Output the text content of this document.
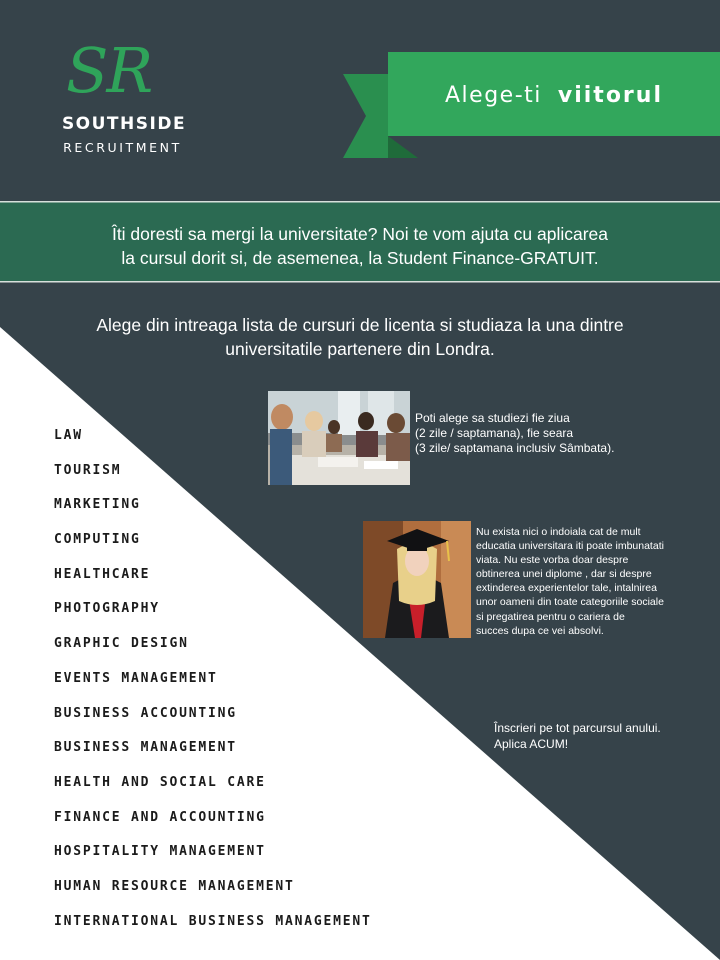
SR
SOUTHSIDE
RECRUITMENT
Alege-ti viitorul
Îti doresti sa mergi la universitate? Noi te vom ajuta cu aplicarea
la cursul dorit si, de asemenea, la Student Finance-GRATUIT.
Alege din intreaga lista de cursuri de licenta si studiaza la una dintre
universitatile partenere din Londra.
LAW
TOURISM
MARKETING
COMPUTING
HEALTHCARE
PHOTOGRAPHY
GRAPHIC DESIGN
EVENTS MANAGEMENT
BUSINESS ACCOUNTING
BUSINESS MANAGEMENT
HEALTH AND SOCIAL CARE
FINANCE AND ACCOUNTING
HOSPITALITY MANAGEMENT
HUMAN RESOURCE MANAGEMENT
INTERNATIONAL BUSINESS MANAGEMENT
Poti alege sa studiezi fie ziua
(2 zile / saptamana), fie seara
(3 zile/ saptamana inclusiv Sâmbata).
Nu exista nici o indoiala cat de mult
educatia universitara iti poate imbunatati
viata. Nu este vorba doar despre
obtinerea unei diplome , dar si despre
extinderea experientelor tale, intalnirea
unor oameni din toate categoriile sociale
si pregatirea pentru o cariera de
succes dupa ce vei absolvi.
Înscrieri pe tot parcursul anului.
Aplica ACUM!
